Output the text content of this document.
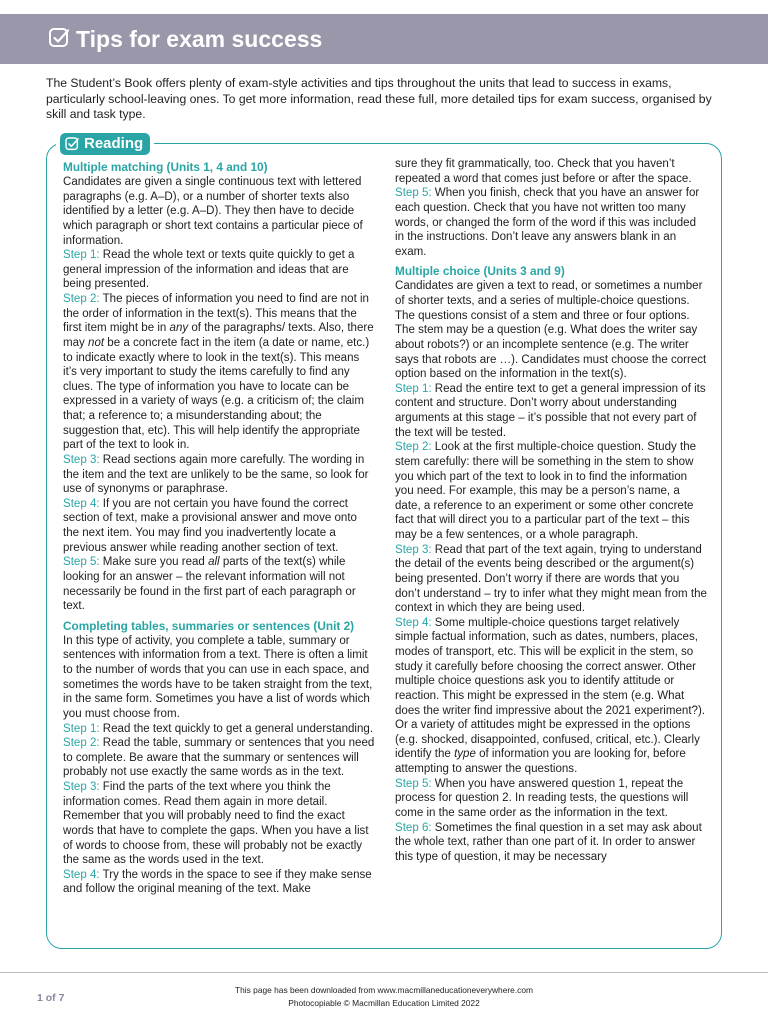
Tips for exam success

The Student’s Book offers plenty of exam-style activities and tips throughout the units that lead to success in exams, particularly school-leaving ones. To get more information, read these full, more detailed tips for exam success, organised by skill and task type.

Reading

Multiple matching (Units 1, 4 and 10)

Candidates are given a single continuous text with lettered paragraphs (e.g. A–D), or a number of shorter texts also identified by a letter (e.g. A–D). They then have to decide which paragraph or short text contains a particular piece of information.

Step 1: Read the whole text or texts quite quickly to get a general impression of the information and ideas that are being presented.

Step 2: The pieces of information you need to find are not in the order of information in the text(s). This means that the first item might be in any of the paragraphs/ texts. Also, there may not be a concrete fact in the item (a date or name, etc.) to indicate exactly where to look in the text(s). This means it’s very important to study the items carefully to find any clues. The type of information you have to locate can be expressed in a variety of ways (e.g. a criticism of; the claim that; a reference to; a misunderstanding about; the suggestion that, etc). This will help identify the appropriate part of the text to look in.

Step 3: Read sections again more carefully. The wording in the item and the text are unlikely to be the same, so look for use of synonyms or paraphrase.

Step 4: If you are not certain you have found the correct section of text, make a provisional answer and move onto the next item. You may find you inadvertently locate a previous answer while reading another section of text.

Step 5: Make sure you read all parts of the text(s) while looking for an answer – the relevant information will not necessarily be found in the first part of each paragraph or text.

Completing tables, summaries or sentences (Unit 2)

In this type of activity, you complete a table, summary or sentences with information from a text. There is often a limit to the number of words that you can use in each space, and sometimes the words have to be taken straight from the text, in the same form. Sometimes you have a list of words which you must choose from.

Step 1: Read the text quickly to get a general understanding.

Step 2: Read the table, summary or sentences that you need to complete. Be aware that the summary or sentences will probably not use exactly the same words as in the text.

Step 3: Find the parts of the text where you think the information comes. Read them again in more detail. Remember that you will probably need to find the exact words that have to complete the gaps. When you have a list of words to choose from, these will probably not be exactly the same as the words used in the text.

Step 4: Try the words in the space to see if they make sense and follow the original meaning of the text. Make

sure they fit grammatically, too. Check that you haven’t repeated a word that comes just before or after the space.

Step 5: When you finish, check that you have an answer for each question. Check that you have not written too many words, or changed the form of the word if this was included in the instructions. Don’t leave any answers blank in an exam.

Multiple choice (Units 3 and 9)

Candidates are given a text to read, or sometimes a number of shorter texts, and a series of multiple-choice questions. The questions consist of a stem and three or four options. The stem may be a question (e.g. What does the writer say about robots?) or an incomplete sentence (e.g. The writer says that robots are …). Candidates must choose the correct option based on the information in the text(s).

Step 1: Read the entire text to get a general impression of its content and structure. Don’t worry about understanding arguments at this stage – it’s possible that not every part of the text will be tested.

Step 2: Look at the first multiple-choice question. Study the stem carefully: there will be something in the stem to show you which part of the text to look in to find the information you need. For example, this may be a person’s name, a date, a reference to an experiment or some other concrete fact that will direct you to a particular part of the text – this may be a few sentences, or a whole paragraph.

Step 3: Read that part of the text again, trying to understand the detail of the events being described or the argument(s) being presented. Don’t worry if there are words that you don’t understand – try to infer what they might mean from the context in which they are being used.

Step 4: Some multiple-choice questions target relatively simple factual information, such as dates, numbers, places, modes of transport, etc. This will be explicit in the stem, so study it carefully before choosing the correct answer. Other multiple choice questions ask you to identify attitude or reaction. This might be expressed in the stem (e.g. What does the writer find impressive about the 2021 experiment?). Or a variety of attitudes might be expressed in the options (e.g. shocked, disappointed, confused, critical, etc.). Clearly identify the type of information you are looking for, before attempting to answer the questions.

Step 5: When you have answered question 1, repeat the process for question 2. In reading tests, the questions will come in the same order as the information in the text.

Step 6: Sometimes the final question in a set may ask about the whole text, rather than one part of it. In order to answer this type of question, it may be necessary

1 of 7
This page has been downloaded from www.macmillaneducationeverywhere.com
Photocopiable © Macmillan Education Limited 2022
